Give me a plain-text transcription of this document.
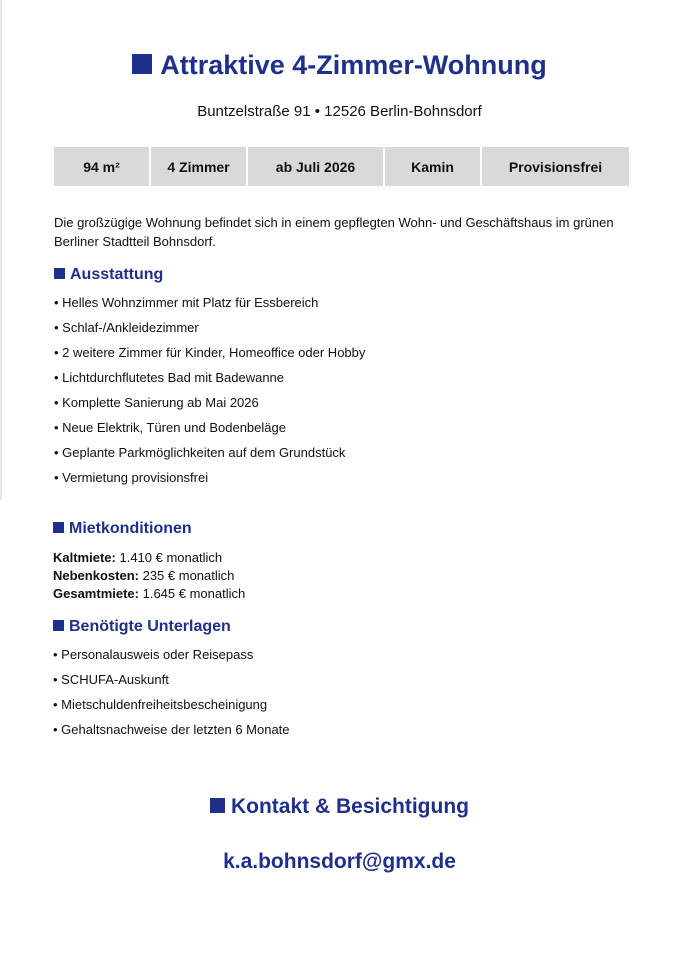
Attraktive 4-Zimmer-Wohnung
Buntzelstraße 91 • 12526 Berlin-Bohnsdorf
94 m²	4 Zimmer	ab Juli 2026	Kamin	Provisionsfrei
Die großzügige Wohnung befindet sich in einem gepflegten Wohn- und Geschäftshaus im grünen Berliner Stadtteil Bohnsdorf.
Ausstattung
• Helles Wohnzimmer mit Platz für Essbereich
• Schlaf-/Ankleidezimmer
• 2 weitere Zimmer für Kinder, Homeoffice oder Hobby
• Lichtdurchflutetes Bad mit Badewanne
• Komplette Sanierung ab Mai 2026
• Neue Elektrik, Türen und Bodenbeläge
• Geplante Parkmöglichkeiten auf dem Grundstück
• Vermietung provisionsfrei
Mietkonditionen
Kaltmiete: 1.410 € monatlich
Nebenkosten: 235 € monatlich
Gesamtmiete: 1.645 € monatlich
Benötigte Unterlagen
• Personalausweis oder Reisepass
• SCHUFA-Auskunft
• Mietschuldenfreiheitsbescheinigung
• Gehaltsnachweise der letzten 6 Monate
Kontakt & Besichtigung
k.a.bohnsdorf@gmx.de
